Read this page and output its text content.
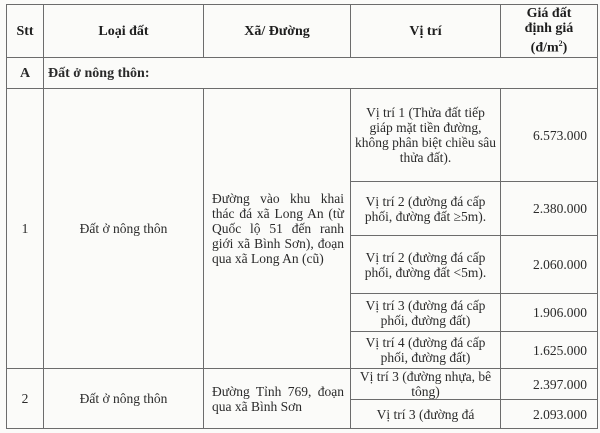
Stt	Loại đất	Xã/ Đường	Vị trí	Giá đất
định giá
$(đ/m^2)$

A	Đất ở nông thôn:			
1	Đất ở nông thôn	Đường vào khu khai thác đá xã Long An (từ Quốc lộ 51 đến ranh giới xã Bình Sơn), đoạn qua xã Long An (cũ)	Vị trí 1 (Thửa đất tiếp giáp mặt tiền đường, không phân biệt chiều sâu thửa đất).	6.573.000
			Vị trí 2 (đường đá cấp phối, đường đất ≥5m).	2.380.000
			Vị trí 2 (đường đá cấp phối, đường đất <5m).	2.060.000
			Vị trí 3 (đường đá cấp phối, đường đất)	1.906.000
			Vị trí 4 (đường đá cấp phối, đường đất)	1.625.000
2	Đất ở nông thôn	Đường Tỉnh 769, đoạn qua xã Bình Sơn	Vị trí 3 (đường nhựa, bê tông)	2.397.000
			Vị trí 3 (đường đá	2.093.000
